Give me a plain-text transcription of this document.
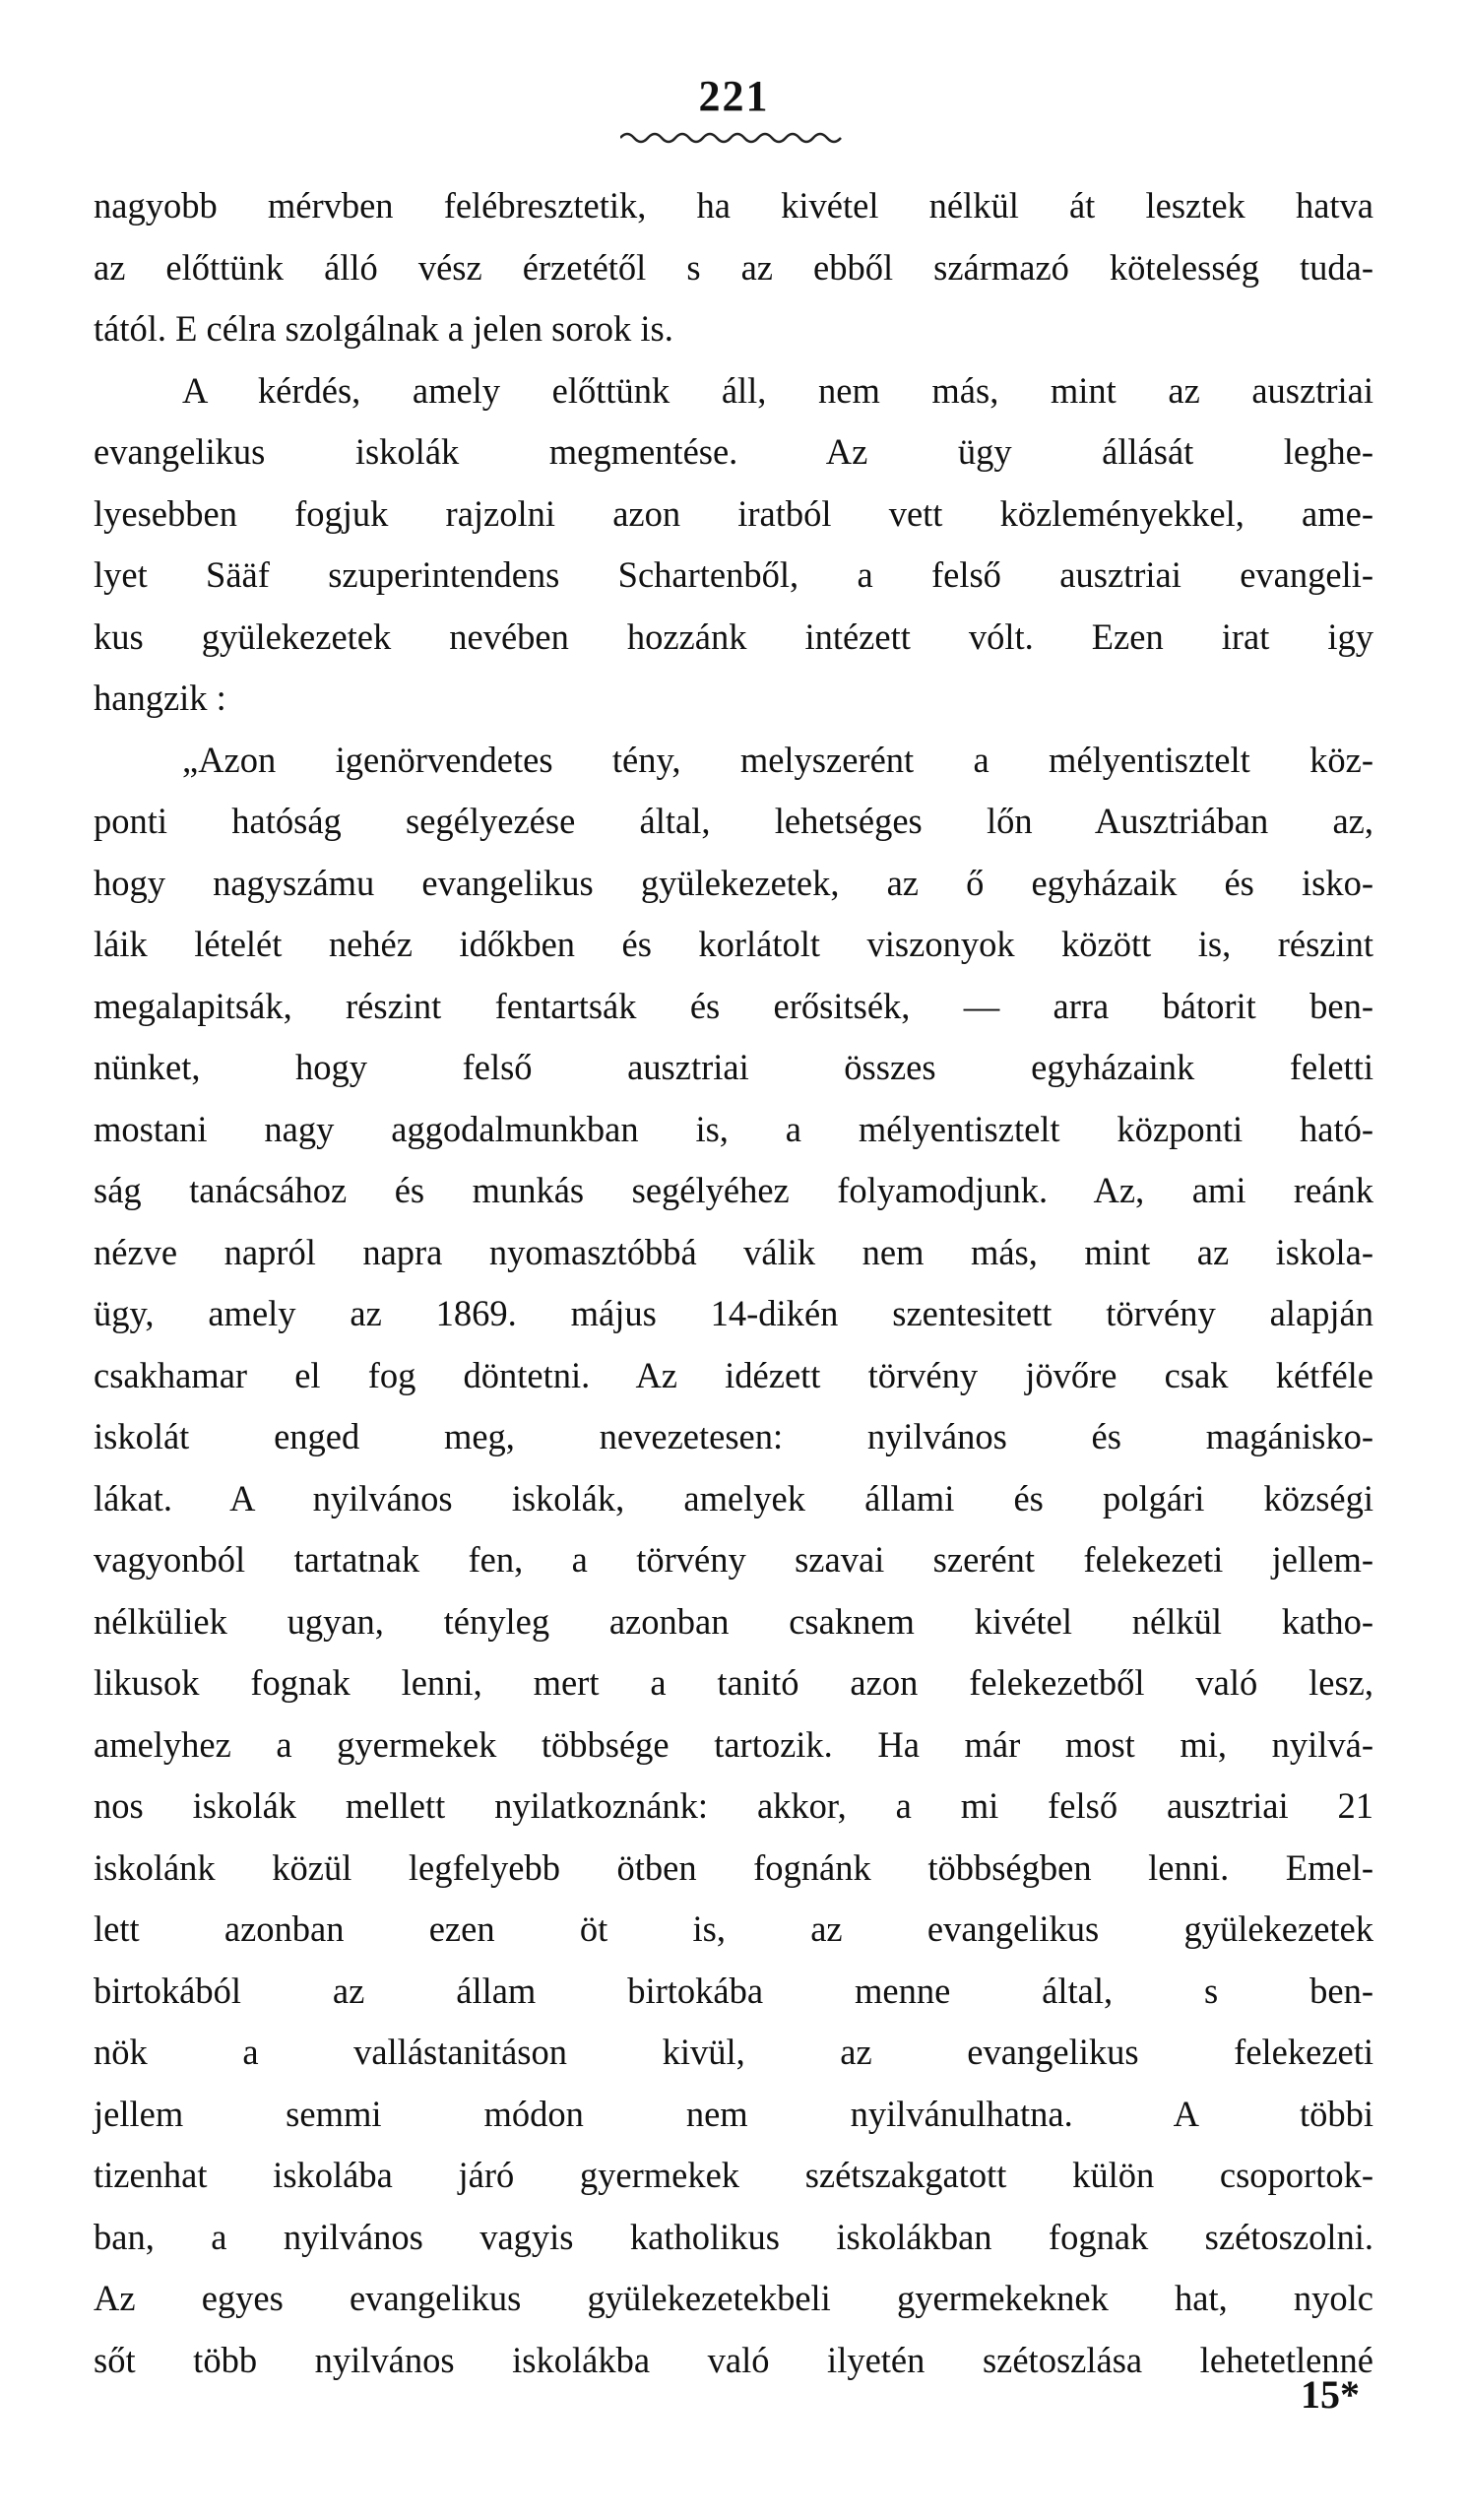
221
nagyobb mérvben felébresztetik, ha kivétel nélkül át lesztek hatva
az előttünk álló vész érzetétől s az ebből származó kötelesség tuda-
tától. E célra szolgálnak a jelen sorok is.
A kérdés, amely előttünk áll, nem más, mint az ausztriai
evangelikus iskolák megmentése. Az ügy állását leghe-
lyesebben fogjuk rajzolni azon iratból vett közleményekkel, ame-
lyet Sääf szuperintendens Schartenből, a felső ausztriai evangeli-
kus gyülekezetek nevében hozzánk intézett vólt. Ezen irat igy
hangzik :
„Azon igenörvendetes tény, melyszerént a mélyentisztelt köz-
ponti hatóság segélyezése által, lehetséges lőn Ausztriában az,
hogy nagyszámu evangelikus gyülekezetek, az ő egyházaik és isko-
láik lételét nehéz időkben és korlátolt viszonyok között is, részint
megalapitsák, részint fentartsák és erősitsék, — arra bátorit ben-
nünket, hogy felső ausztriai összes egyházaink feletti
mostani nagy aggodalmunkban is, a mélyentisztelt központi ható-
ság tanácsához és munkás segélyéhez folyamodjunk. Az, ami reánk
nézve napról napra nyomasztóbbá válik nem más, mint az iskola-
ügy, amely az 1869. május 14-dikén szentesitett törvény alapján
csakhamar el fog döntetni. Az idézett törvény jövőre csak kétféle
iskolát enged meg, nevezetesen: nyilvános és magánisko-
lákat. A nyilvános iskolák, amelyek állami és polgári községi
vagyonból tartatnak fen, a törvény szavai szerént felekezeti jellem-
nélküliek ugyan, tényleg azonban csaknem kivétel nélkül katho-
likusok fognak lenni, mert a tanitó azon felekezetből való lesz,
amelyhez a gyermekek többsége tartozik. Ha már most mi, nyilvá-
nos iskolák mellett nyilatkoznánk: akkor, a mi felső ausztriai 21
iskolánk közül legfelyebb ötben fognánk többségben lenni. Emel-
lett azonban ezen öt is, az evangelikus gyülekezetek
birtokából az állam birtokába menne által, s ben-
nök a vallástanitáson kivül, az evangelikus felekezeti
jellem semmi módon nem nyilvánulhatna. A többi
tizenhat iskolába járó gyermekek szétszakgatott külön csoportok-
ban, a nyilvános vagyis katholikus iskolákban fognak szétoszolni.
Az egyes evangelikus gyülekezetekbeli gyermekeknek hat, nyolc
sőt több nyilvános iskolákba való ilyetén szétoszlása lehetetlenné
15*
